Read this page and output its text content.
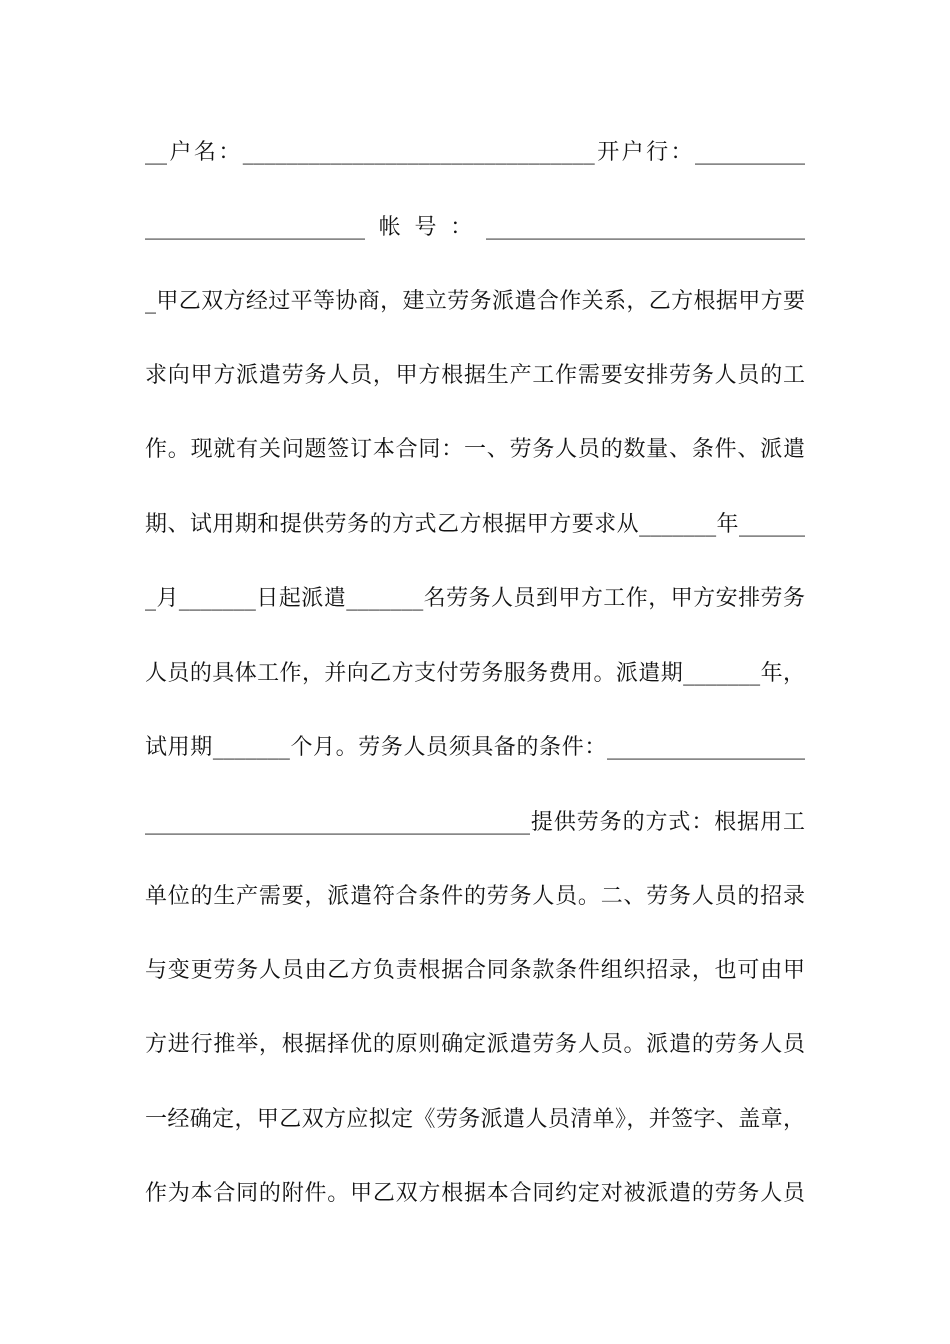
__户名：________________________________开户行：__________
____________________帐号：_____________________________
_甲乙双方经过平等协商，建立劳务派遣合作关系，乙方根据甲方要
求向甲方派遣劳务人员，甲方根据生产工作需要安排劳务人员的工
作。现就有关问题签订本合同：一、劳务人员的数量、条件、派遣
期、试用期和提供劳务的方式乙方根据甲方要求从_______年______
_月_______日起派遣_______名劳务人员到甲方工作，甲方安排劳务
人员的具体工作，并向乙方支付劳务服务费用。派遣期_______年，
试用期_______个月。劳务人员须具备的条件：__________________
___________________________________提供劳务的方式：根据用工
单位的生产需要，派遣符合条件的劳务人员。二、劳务人员的招录
与变更劳务人员由乙方负责根据合同条款条件组织招录，也可由甲
方进行推举，根据择优的原则确定派遣劳务人员。派遣的劳务人员
一经确定，甲乙双方应拟定《劳务派遣人员清单》，并签字、盖章，
作为本合同的附件。甲乙双方根据本合同约定对被派遣的劳务人员
